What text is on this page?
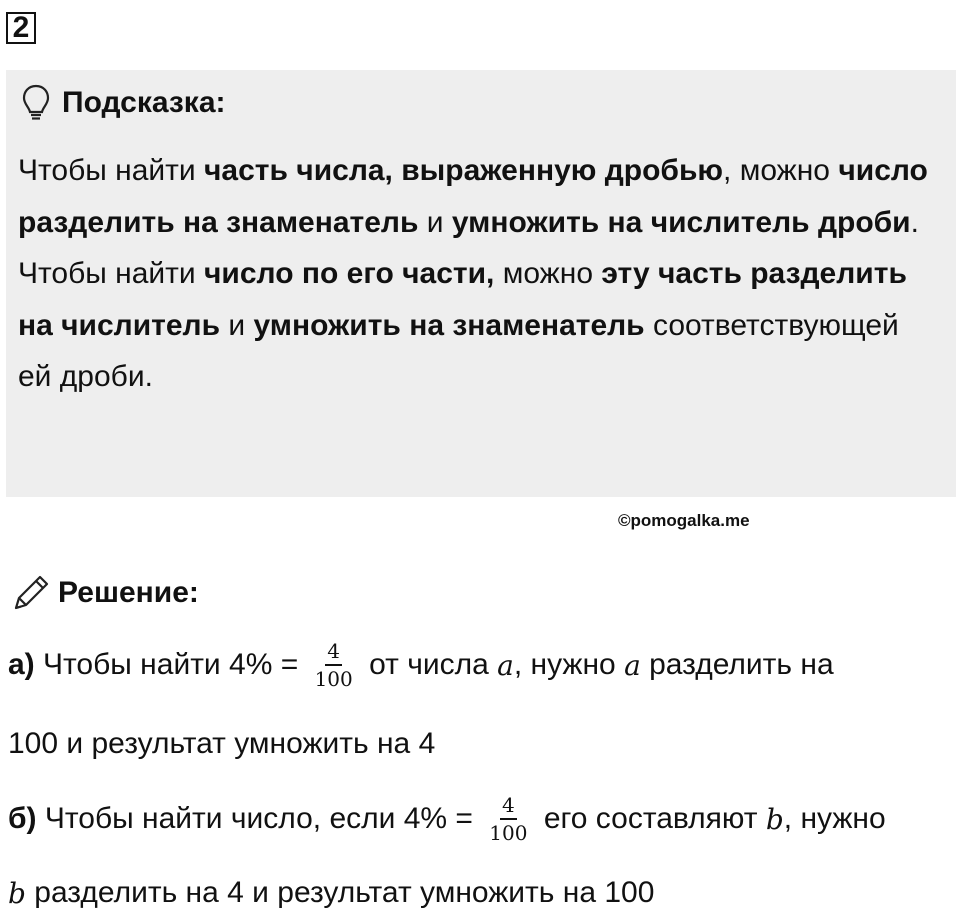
2
Подсказка:

Чтобы найти часть числа, выраженную дробью, можно число разделить на знаменатель и умножить на числитель дроби.

Чтобы найти число по его части, можно эту часть разделить на числитель и умножить на знаменатель соответствующей ей дроби.

©pomogalka.me
Решение:
а) Чтобы найти $4\% = \frac{4}{100}$ от числа a , нужно a разделить на
100 и результат умножить на 4
б) Чтобы найти число, если $4\% = \frac{4}{100}$ его составляют b , нужно
b разделить на 4 и результат умножить на 100
